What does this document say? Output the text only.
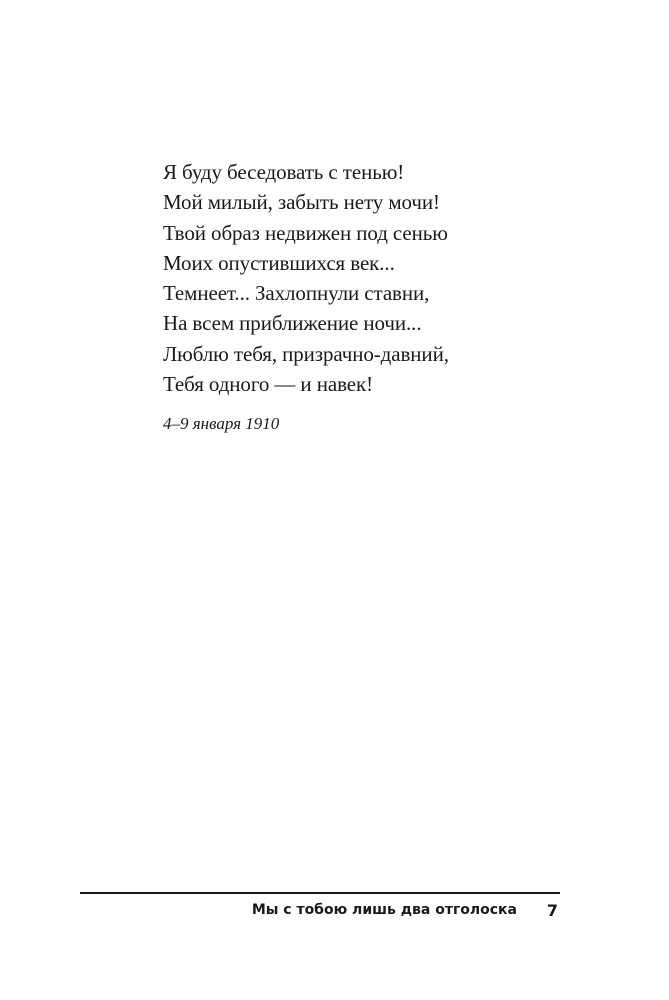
Я буду беседовать с тенью!
Мой милый, забыть нету мочи!
Твой образ недвижен под сенью
Моих опустившихся век...
Темнеет... Захлопнули ставни,
На всем приближение ночи...
Люблю тебя, призрачно-давний,
Тебя одного — и навек!
4–9 января 1910
Мы с тобою лишь два отголоска 7
